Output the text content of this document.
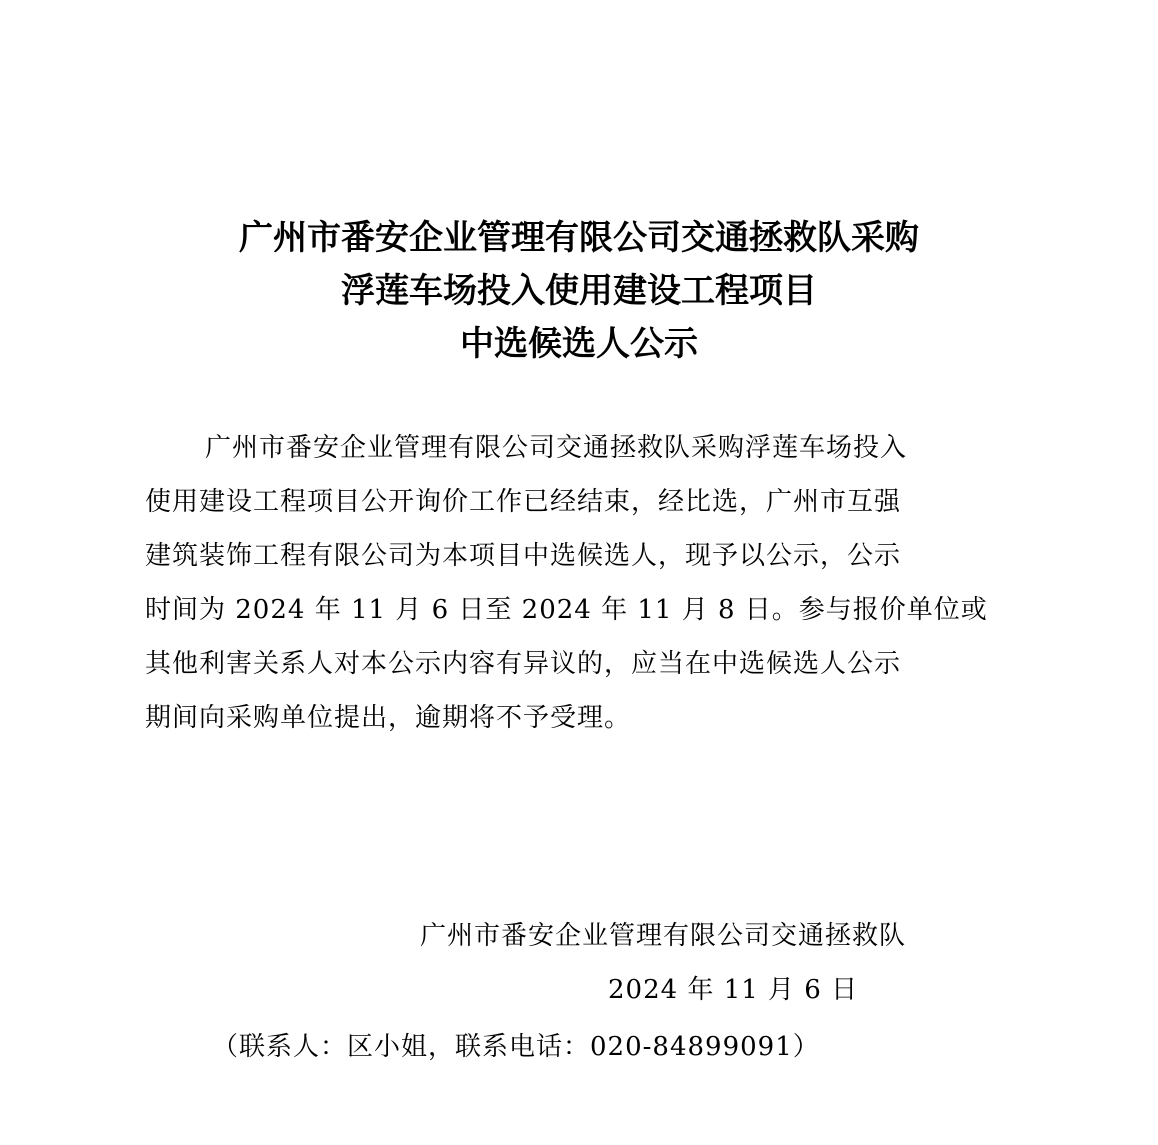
广州市番安企业管理有限公司交通拯救队采购
浮莲车场投入使用建设工程项目
中选候选人公示
广州市番安企业管理有限公司交通拯救队采购浮莲车场投入
使用建设工程项目公开询价工作已经结束，经比选，广州市互强
建筑装饰工程有限公司为本项目中选候选人，现予以公示，公示
时间为 2024 年 11 月 6 日至 2024 年 11 月 8 日。参与报价单位或
其他利害关系人对本公示内容有异议的，应当在中选候选人公示
期间向采购单位提出，逾期将不予受理。
广州市番安企业管理有限公司交通拯救队
2024 年 11 月 6 日
（联系人：区小姐，联系电话：020-84899091）
